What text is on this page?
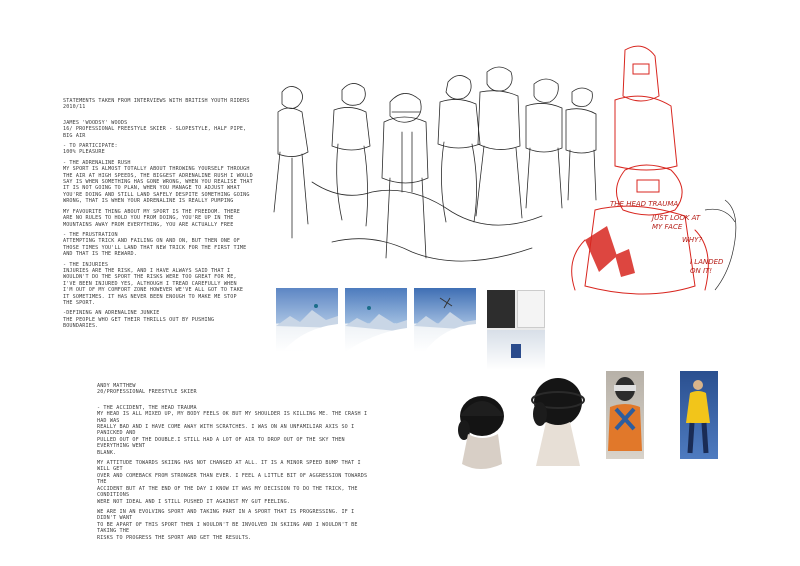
STATEMENTS TAKEN FROM INTERVIEWS WITH BRITISH YOUTH RIDERS
2010/11

JAMES 'WOODSY' WOODS

16/ PROFESSIONAL FREESTYLE SKIER - SLOPESTYLE, HALF PIPE,
BIG AIR

- TO PARTICIPATE:

100% PLEASURE

- THE ADRENALINE RUSH

MY SPORT IS ALMOST TOTALLY ABOUT THROWING YOURSELF THROUGH
THE AIR AT HIGH SPEEDS, THE BIGGEST ADRENALINE RUSH I WOULD
SAY IS WHEN SOMETHING HAS GONE WRONG, WHEN YOU REALISE THAT
IT IS NOT GOING TO PLAN, WHEN YOU MANAGE TO ADJUST WHAT
YOU'RE DOING AND STILL LAND SAFELY DESPITE SOMETHING GOING
WRONG, THAT IS WHEN YOUR ADRENALINE IS REALLY PUMPING

MY FAVOURITE THING ABOUT MY SPORT IS THE FREEDOM. THERE
ARE NO RULES TO HOLD YOU FROM DOING, YOU'RE UP IN THE
MOUNTAINS AWAY FROM EVERYTHING, YOU ARE ACTUALLY FREE

- THE FRUSTRATION

ATTEMPTING TRICK AND FAILING ON AND ON, BUT THEN ONE OF
THOSE TIMES YOU'LL LAND THAT NEW TRICK FOR THE FIRST TIME
AND THAT IS THE REWARD.

- THE INJURIES

INJURIES ARE THE RISK, AND I HAVE ALWAYS SAID THAT I
WOULDN'T DO THE SPORT THE RISKS WERE TOO GREAT FOR ME,
I'VE BEEN INJURED YES, ALTHOUGH I TREAD CAREFULLY WHEN
I'M OUT OF MY COMFORT ZONE HOWEVER WE'VE ALL GOT TO TAKE
IT SOMETIMES. IT HAS NEVER BEEN ENOUGH TO MAKE ME STOP
THE SPORT.

-DEFINING AN ADRENALINE JUNKIE

THE PEOPLE WHO GET THEIR THRILLS OUT BY PUSHING
BOUNDARIES.

ANDY MATTHEW

20/PROFESSIONAL FREESTYLE SKIER

- THE ACCIDENT, THE HEAD TRAUMA

MY HEAD IS ALL MIXED UP, MY BODY FEELS OK BUT MY SHOULDER IS KILLING ME. THE CRASH I HAD WAS
REALLY BAD AND I HAVE COME AWAY WITH SCRATCHES. I WAS ON AN UNFAMILIAR AXIS SO I PANICKED AND
PULLED OUT OF THE DOUBLE.I STILL HAD A LOT OF AIR TO DROP OUT OF THE SKY THEN EVERYTHING WENT
BLANK.

MY ATTITUDE TOWARDS SKIING HAS NOT CHANGED AT ALL. IT IS A MINOR SPEED BUMP THAT I WILL GET
OVER AND COMEBACK FROM STRONGER THAN EVER. I FEEL A LITTLE BIT OF AGGRESSION TOWARDS THE
ACCIDENT BUT AT THE END OF THE DAY I KNOW IT WAS MY DECISION TO DO THE TRICK, THE CONDITIONS
WERE NOT IDEAL AND I STILL PUSHED IT AGAINST MY GUT FEELING.

WE ARE IN AN EVOLVING SPORT AND TAKING PART IN A SPORT THAT IS PROGRESSING. IF I DIDN'T WANT
TO BE APART OF THIS SPORT THEN I WOULDN'T BE INVOLVED IN SKIING AND I WOULDN'T BE TAKING THE
RISKS TO PROGRESS THE SPORT AND GET THE RESULTS.

THE HEAD TRAUMA
JUST LOOK AT MY FACE
WHY?
I LANDED ON IT!
